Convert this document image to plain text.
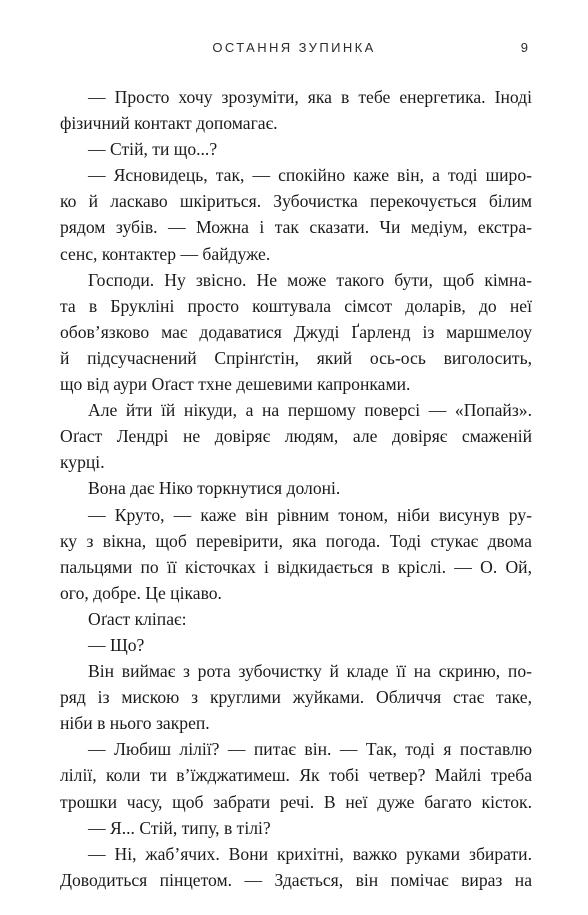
ОСТАННЯ ЗУПИНКА	9
— Просто хочу зрозуміти, яка в тебе енергетика. Іноді
фізичний контакт допомагає.
— Стій, ти що...?
— Ясновидець, так, — спокійно каже він, а тоді широ-
ко й ласкаво шкіриться. Зубочистка перекочується білим
рядом зубів. — Можна і так сказати. Чи медіум, екстра-
сенс, контактер — байдуже.
Господи. Ну звісно. Не може такого бути, щоб кімна-
та в Брукліні просто коштувала сімсот доларів, до неї
обов’язково має додаватися Джуді Ґарленд із маршмелоу
й підсучаснений Спрінґстін, який ось-ось виголосить,
що від аури Оґаст тхне дешевими капронками.
Але йти їй нікуди, а на першому поверсі — «Попайз».
Оґаст Лендрі не довіряє людям, але довіряє смаженій
курці.
Вона дає Ніко торкнутися долоні.
— Круто, — каже він рівним тоном, ніби висунув ру-
ку з вікна, щоб перевірити, яка погода. Тоді стукає двома
пальцями по її кісточках і відкидається в кріслі. — О. Ой,
ого, добре. Це цікаво.
Оґаст кліпає:
— Що?
Він виймає з рота зубочистку й кладе її на скриню, по-
ряд із мискою з круглими жуйками. Обличчя стає таке,
ніби в нього закреп.
— Любиш лілії? — питає він. — Так, тоді я поставлю
лілії, коли ти в’їжджатимеш. Як тобі четвер? Майлі треба
трошки часу, щоб забрати речі. В неї дуже багато кісток.
— Я... Стій, типу, в тілі?
— Ні, жаб’ячих. Вони крихітні, важко руками збирати.
Доводиться пінцетом. — Здається, він помічає вираз на
